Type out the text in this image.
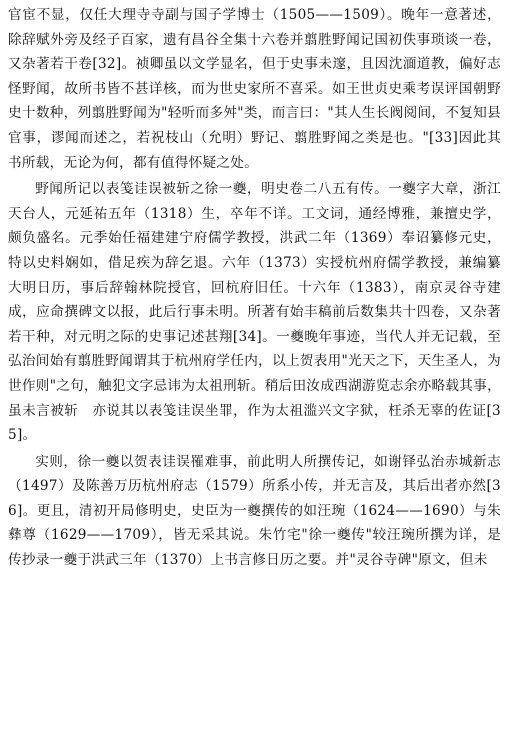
官宦不显，仅任大理寺寺副与国子学博士（1505——1509）。晚年一意著述，除辞赋外旁及经子百家，遗有昌谷全集十六卷并翦胜野闻记国初佚事琐谈一卷，又杂著若干卷[32]。祯卿虽以文学显名，但于史事未邃，且因沈湎道教，偏好志怪野闻，故所书皆不甚详核，而为世史家所不喜采。如王世贞史乘考误评国朝野史十数种，列翦胜野闻为"轻听而多舛"类，而言曰："其人生长阀阅间，不复知县官事，谬闻而述之，若祝枝山（允明）野记、翦胜野闻之类是也。"[33]因此其书所载，无论为何，都有值得怀疑之处。

野闻所记以表笺诖误被斩之徐一夔，明史卷二八五有传。一夔字大章，浙江天台人，元延祐五年（1318）生，卒年不详。工文词，通经博雅，兼擅史学，颇负盛名。元季始任福建建宁府儒学教授，洪武二年（1369）奉诏纂修元史，特以史料娴如，借足疾为辞乞退。六年（1373）实授杭州府儒学教授，兼编纂大明日历，事后辞翰林院授官，回杭府旧任。十六年（1383），南京灵谷寺建成，应命撰碑文以报，此后行事未明。所著有始丰稿前后数集共十四卷，又杂著若干种，对元明之际的史事记述甚翔[34]。一夔晚年事迹，当代人并无记载，至弘治间始有翦胜野闻谓其于杭州府学任内，以上贺表用"光天之下，天生圣人，为世作则"之句，触犯文字忌讳为太祖刑斩。稍后田汝成西湖游览志余亦略载其事，虽未言被斩　亦说其以表笺诖误坐罪，作为太祖滥兴文字狱，枉杀无辜的佐证[35]。

实则，徐一夔以贺表诖误罹难事，前此明人所撰传记，如谢铎弘治赤城新志（1497）及陈善万历杭州府志（1579）所系小传，并无言及，其后出者亦然[36]。更且，清初开局修明史，史臣为一夔撰传的如汪琬（1624——1690）与朱彝尊（1629——1709），皆无采其说。朱竹宅"徐一夔传"较汪琬所撰为详，是传抄录一夔于洪武三年（1370）上书言修日历之要。并"灵谷寺碑"原文，但未
